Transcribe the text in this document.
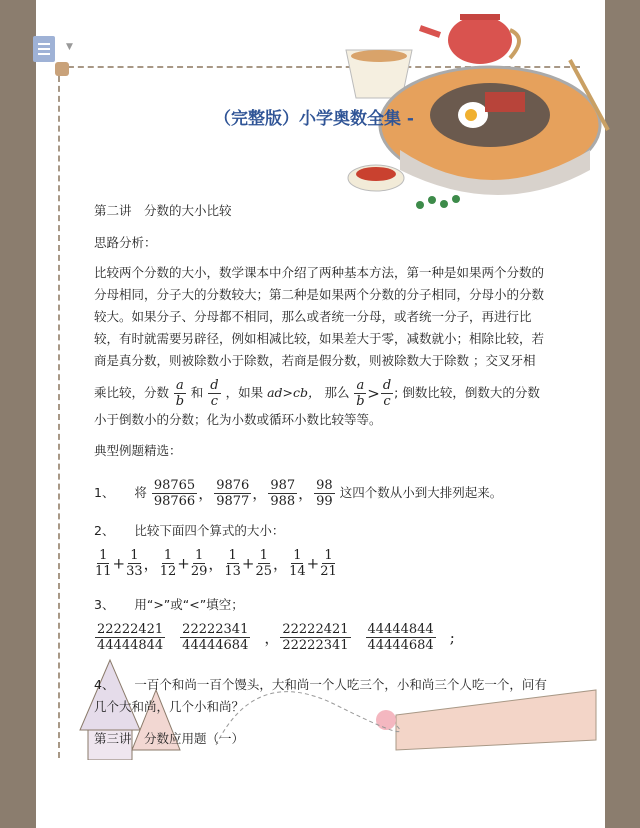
▼
（完整版）小学奥数全集 -
第二讲　分数的大小比较
思路分析：
比较两个分数的大小，数学课本中介绍了两种基本方法，第一种是如果两个分数的
分母相同，分子大的分数较大；第二种是如果两个分数的分子相同，分母小的分数
较大。如果分子、分母都不相同，那么或者统一分母，或者统一分子，再进行比
较，有时就需要另辟径，例如相减比较，如果差大于零，减数就小；相除比较，若
商是真分数，则被除数小于除数，若商是假分数，则被除数大于除数 ；交叉牙相
乘比较，分数 $\frac{a}{b}$ 和 $\frac{d}{c}$ ，如果 ad>cb， 那么 $\frac{a}{b} > \frac{d}{c}$ ; 倒数比较，倒数大的分数
小于倒数小的分数；化为小数或循环小数比较等等。
典型例题精选：
1、 将 $\frac{98765}{98766}$ ， $\frac{9876}{9877}$ ， $\frac{987}{988}$ ， $\frac{98}{99}$ 这四个数从小到大排列起来。
2、 比较下面四个算式的大小：
$\frac{1}{11} + \frac{1}{33}$ ， $\frac{1}{12} + \frac{1}{29}$ ， $\frac{1}{13} + \frac{1}{25}$ ， $\frac{1}{14} + \frac{1}{21}$
3、 用“>”或“<”填空；
$\frac{22222421}{44444844} \frac{22222341}{44444684}$ ， $\frac{22222421}{22222341} \frac{44444844}{44444684}$ ;
4、 一百个和尚一百个馒头，大和尚一个人吃三个，小和尚三个人吃一个，问有
几个大和尚，几个小和尚？
第三讲　分数应用题（一）
